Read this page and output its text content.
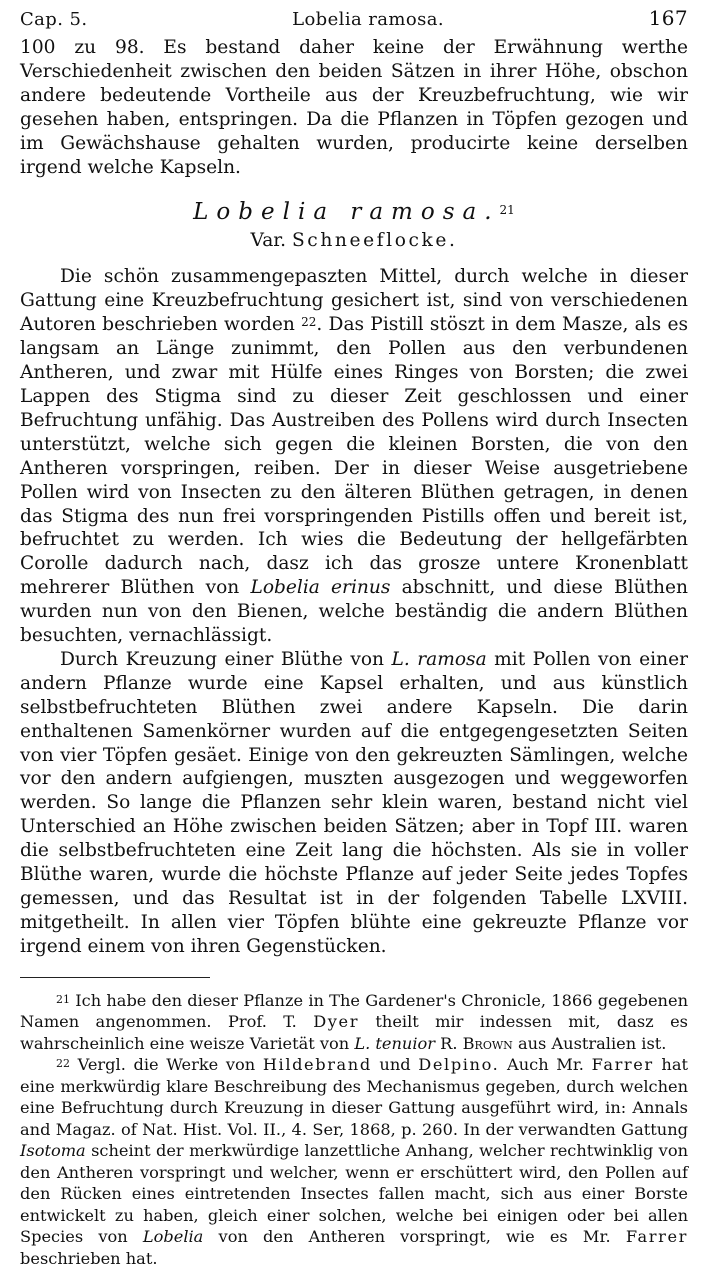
Cap. 5.	Lobelia ramosa.	167

100 zu 98. Es bestand daher keine der Erwähnung werthe Verschiedenheit zwischen den beiden Sätzen in ihrer Höhe, obschon andere bedeutende Vortheile aus der Kreuzbefruchtung, wie wir gesehen haben, entspringen. Da die Pflanzen in Töpfen gezogen und im Gewächshause gehalten wurden, producirte keine derselben irgend welche Kapseln.

Lobelia ramosa.$^{21}$
Var. Schneeflocke.

Die schön zusammengepaszten Mittel, durch welche in dieser Gattung eine Kreuzbefruchtung gesichert ist, sind von verschiedenen Autoren beschrieben worden $^{22}$. Das Pistill stöszt in dem Masze, als es langsam an Länge zunimmt, den Pollen aus den verbundenen Antheren, und zwar mit Hülfe eines Ringes von Borsten; die zwei Lappen des Stigma sind zu dieser Zeit geschlossen und einer Befruchtung unfähig. Das Austreiben des Pollens wird durch Insecten unterstützt, welche sich gegen die kleinen Borsten, die von den Antheren vorspringen, reiben. Der in dieser Weise ausgetriebene Pollen wird von Insecten zu den älteren Blüthen getragen, in denen das Stigma des nun frei vorspringenden Pistills offen und bereit ist, befruchtet zu werden. Ich wies die Bedeutung der hellgefärbten Corolle dadurch nach, dasz ich das grosze untere Kronenblatt mehrerer Blüthen von Lobelia erinus abschnitt, und diese Blüthen wurden nun von den Bienen, welche beständig die andern Blüthen besuchten, vernachlässigt.

Durch Kreuzung einer Blüthe von L. ramosa mit Pollen von einer andern Pflanze wurde eine Kapsel erhalten, und aus künstlich selbstbefruchteten Blüthen zwei andere Kapseln. Die darin enthaltenen Samenkörner wurden auf die entgegengesetzten Seiten von vier Töpfen gesäet. Einige von den gekreuzten Sämlingen, welche vor den andern aufgiengen, muszten ausgezogen und weggeworfen werden. So lange die Pflanzen sehr klein waren, bestand nicht viel Unterschied an Höhe zwischen beiden Sätzen; aber in Topf III. waren die selbstbefruchteten eine Zeit lang die höchsten. Als sie in voller Blüthe waren, wurde die höchste Pflanze auf jeder Seite jedes Topfes gemessen, und das Resultat ist in der folgenden Tabelle LXVIII. mitgetheilt. In allen vier Töpfen blühte eine gekreuzte Pflanze vor irgend einem von ihren Gegenstücken.

$^{21}$ Ich habe den dieser Pflanze in The Gardener's Chronicle, 1866 gegebenen Namen angenommen. Prof. T. Dyer theilt mir indessen mit, dasz es wahrscheinlich eine weisze Varietät von L. tenuior R. Brown aus Australien ist.

$^{22}$ Vergl. die Werke von Hildebrand und Delpino. Auch Mr. Farrer hat eine merkwürdig klare Beschreibung des Mechanismus gegeben, durch welchen eine Befruchtung durch Kreuzung in dieser Gattung ausgeführt wird, in: Annals and Magaz. of Nat. Hist. Vol. II., 4. Ser, 1868, p. 260. In der verwandten Gattung Isotoma scheint der merkwürdige lanzettliche Anhang, welcher rechtwinklig von den Antheren vorspringt und welcher, wenn er erschüttert wird, den Pollen auf den Rücken eines eintretenden Insectes fallen macht, sich aus einer Borste entwickelt zu haben, gleich einer solchen, welche bei einigen oder bei allen Species von Lobelia von den Antheren vorspringt, wie es Mr. Farrer beschrieben hat.
